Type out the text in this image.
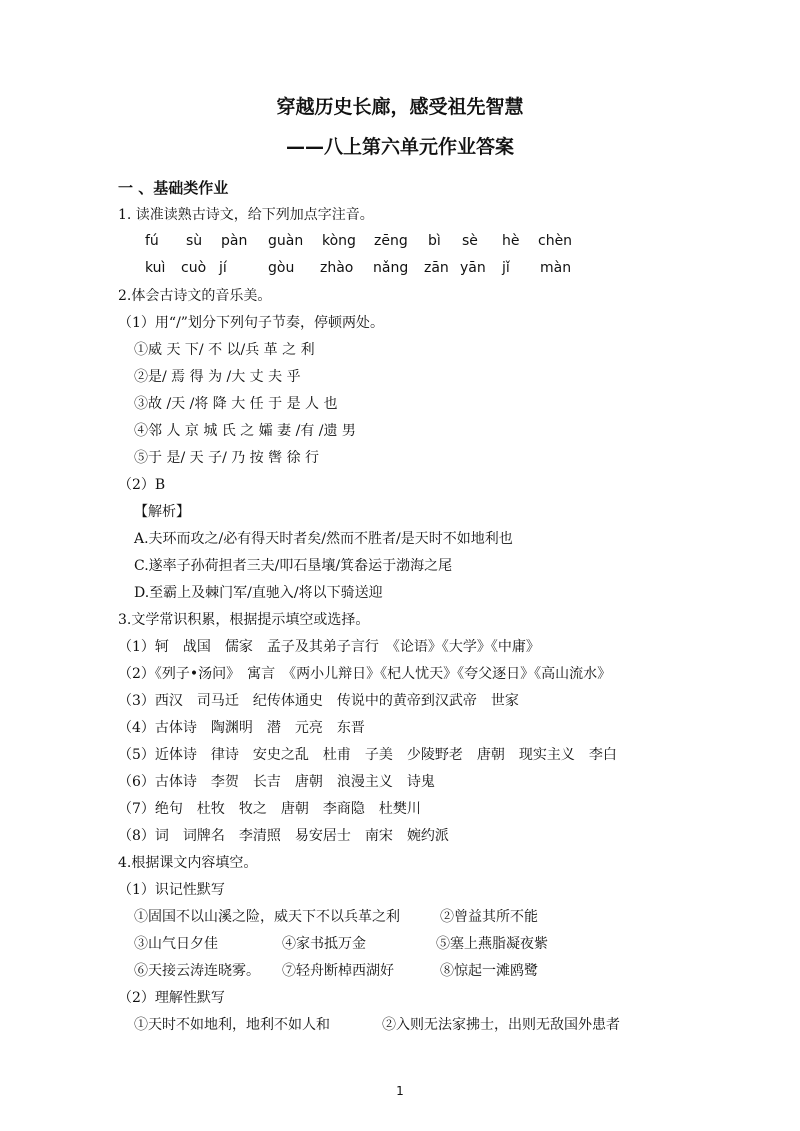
穿越历史长廊，感受祖先智慧
——八上第六单元作业答案
一 、基础类作业
1. 读准读熟古诗文，给下列加点字注音。
fú sù pàn guàn kòng zēng bì sè hè chèn
kuì cuò jí	gòu zhào nǎng zān yān jǐ màn
2.体会古诗文的音乐美。
（1）用“/”划分下列句子节奏，停顿两处。
①威 天 下/ 不 以/兵 革 之 利
②是/ 焉 得 为 /大 丈 夫 乎
③故 /天 /将 降 大 任 于 是 人 也
④邻 人 京 城 氏 之 孀 妻 /有 /遗 男
⑤于 是/ 天 子/ 乃 按 辔 徐 行
（2）B
【解析】
A.夫环而攻之/必有得天时者矣/然而不胜者/是天时不如地利也
C.遂率子孙荷担者三夫/叩石垦壤/箕畚运于渤海之尾
D.至霸上及棘门军/直驰入/将以下骑送迎
3.文学常识积累，根据提示填空或选择。
（1）轲　战国　儒家　孟子及其弟子言行　《论语》《大学》《中庸》
（2）《列子•汤问》　寓言　《两小儿辩日》《杞人忧天》《夸父逐日》《高山流水》
（3）西汉　司马迁　纪传体通史　传说中的黄帝到汉武帝　世家
（4）古体诗　陶渊明　潜　元亮　东晋
（5）近体诗　律诗　安史之乱　杜甫　子美　少陵野老　唐朝　现实主义　李白
（6）古体诗　李贺　长吉　唐朝　浪漫主义　诗鬼
（7）绝句　杜牧　牧之　唐朝　李商隐　杜樊川
（8）词　词牌名　李清照　易安居士　南宋　婉约派
4.根据课文内容填空。
（1）识记性默写
①固国不以山溪之险，威天下不以兵革之利	②曾益其所不能
③山气日夕佳	④家书抵万金	⑤塞上燕脂凝夜紫
⑥天接云涛连晓雾。 ⑦轻舟断棹西湖好	⑧惊起一滩鸥鹭
（2）理解性默写
①天时不如地利，地利不如人和	②入则无法家拂士，出则无敌国外患者
1
